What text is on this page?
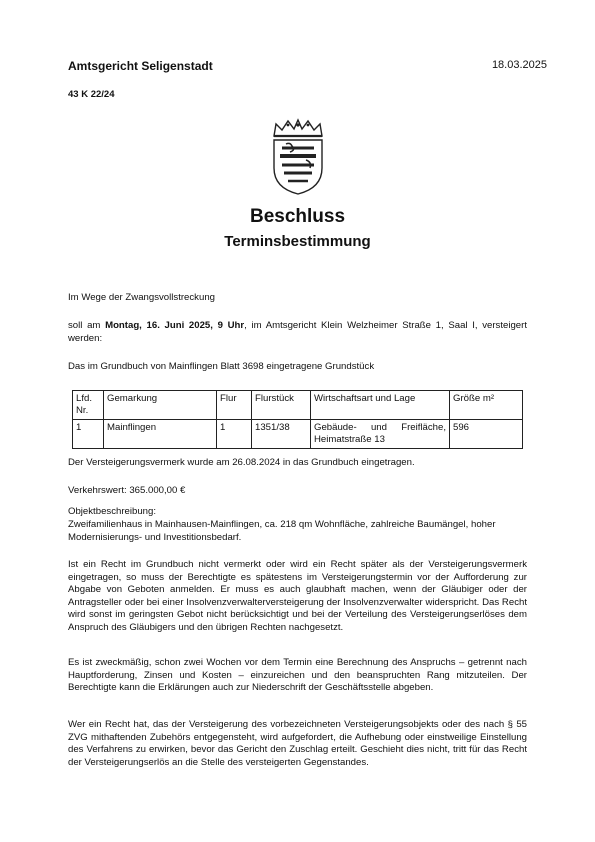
Amtsgericht Seligenstadt	18.03.2025
43 K 22/24
Beschluss
Terminsbestimmung
Im Wege der Zwangsvollstreckung
soll am Montag, 16. Juni 2025, 9 Uhr, im Amtsgericht Klein Welzheimer Straße 1, Saal I, versteigert werden:
Das im Grundbuch von Mainflingen Blatt 3698 eingetragene Grundstück
Lfd. Nr.	Gemarkung	Flur	Flurstück	Wirtschaftsart und Lage	Größe m²
1	Mainflingen	1	1351/38	Gebäude- und Freifläche, Heimatstraße 13	596
Der Versteigerungsvermerk wurde am 26.08.2024 in das Grundbuch eingetragen.
Verkehrswert: 365.000,00 €
Objektbeschreibung:
Zweifamilienhaus in Mainhausen-Mainflingen, ca. 218 qm Wohnfläche, zahlreiche Baumängel, hoher Modernisierungs- und Investitionsbedarf.
Ist ein Recht im Grundbuch nicht vermerkt oder wird ein Recht später als der Versteigerungsvermerk eingetragen, so muss der Berechtigte es spätestens im Versteigerungstermin vor der Aufforderung zur Abgabe von Geboten anmelden. Er muss es auch glaubhaft machen, wenn der Gläubiger oder der Antragsteller oder bei einer Insolvenzverwalterversteigerung der Insolvenzverwalter widerspricht. Das Recht wird sonst im geringsten Gebot nicht berücksichtigt und bei der Verteilung des Versteigerungserlöses dem Anspruch des Gläubigers und den übrigen Rechten nachgesetzt.
Es ist zweckmäßig, schon zwei Wochen vor dem Termin eine Berechnung des Anspruchs – getrennt nach Hauptforderung, Zinsen und Kosten – einzureichen und den beanspruchten Rang mitzuteilen. Der Berechtigte kann die Erklärungen auch zur Niederschrift der Geschäftsstelle abgeben.
Wer ein Recht hat, das der Versteigerung des vorbezeichneten Versteigerungsobjekts oder des nach § 55 ZVG mithaftenden Zubehörs entgegensteht, wird aufgefordert, die Aufhebung oder einstweilige Einstellung des Verfahrens zu erwirken, bevor das Gericht den Zuschlag erteilt. Geschieht dies nicht, tritt für das Recht der Versteigerungserlös an die Stelle des versteigerten Gegenstandes.
